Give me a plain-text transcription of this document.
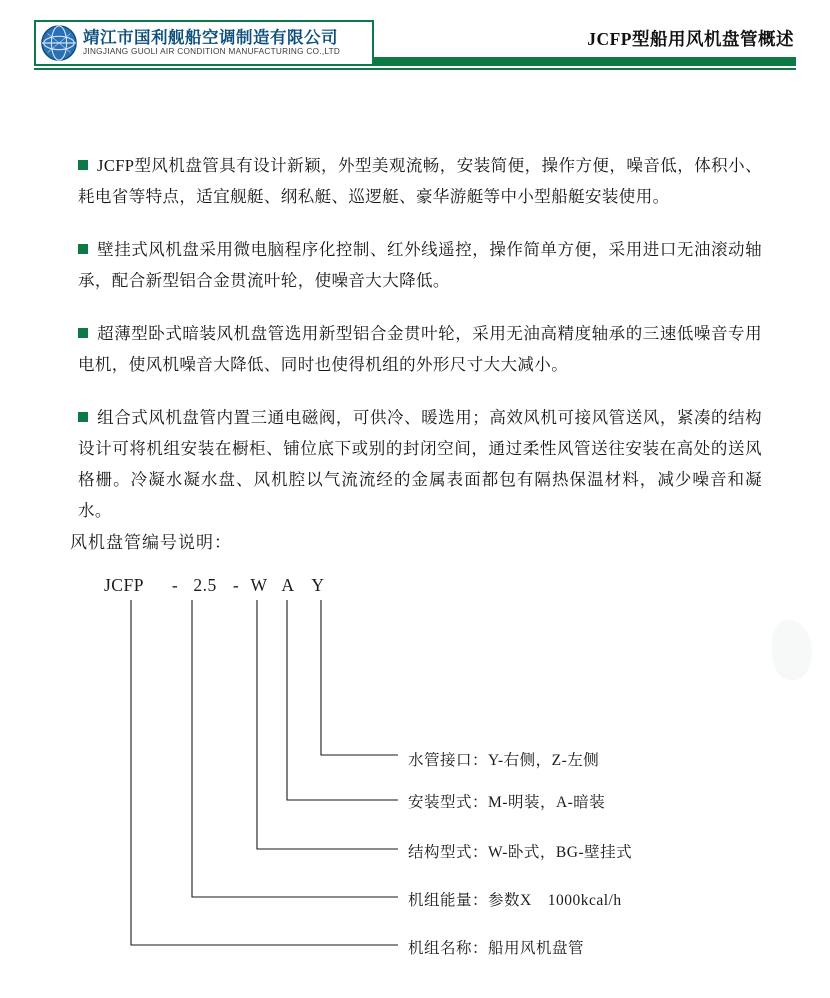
靖江市国利舰船空调制造有限公司
JINGJIANG GUOLI AIR CONDITION MANUFACTURING CO.,LTD
JCFP型船用风机盘管概述

JCFP型风机盘管具有设计新颖，外型美观流畅，安装简便，操作方便，噪音低，体积小、耗电省等特点，适宜舰艇、纲私艇、巡逻艇、豪华游艇等中小型船艇安装使用。

壁挂式风机盘采用微电脑程序化控制、红外线遥控，操作简单方便，采用进口无油滚动轴承，配合新型铝合金贯流叶轮，使噪音大大降低。

超薄型卧式暗装风机盘管选用新型铝合金贯叶轮，采用无油高精度轴承的三速低噪音专用电机，使风机噪音大降低、同时也使得机组的外形尺寸大大减小。

组合式风机盘管内置三通电磁阀，可供冷、暖选用；高效风机可接风管送风，紧凑的结构设计可将机组安装在橱柜、铺位底下或别的封闭空间，通过柔性风管送往安装在高处的送风格栅。冷凝水凝水盘、风机腔以气流流经的金属表面都包有隔热保温材料，减少噪音和凝水。

风机盘管编号说明：
JCFP - 2.5 - W A Y
水管接口：Y-右侧，Z-左侧
安装型式：M-明装，A-暗装
结构型式：W-卧式，BG-壁挂式
机组能量：参数X　1000kcal/h
机组名称：船用风机盘管
